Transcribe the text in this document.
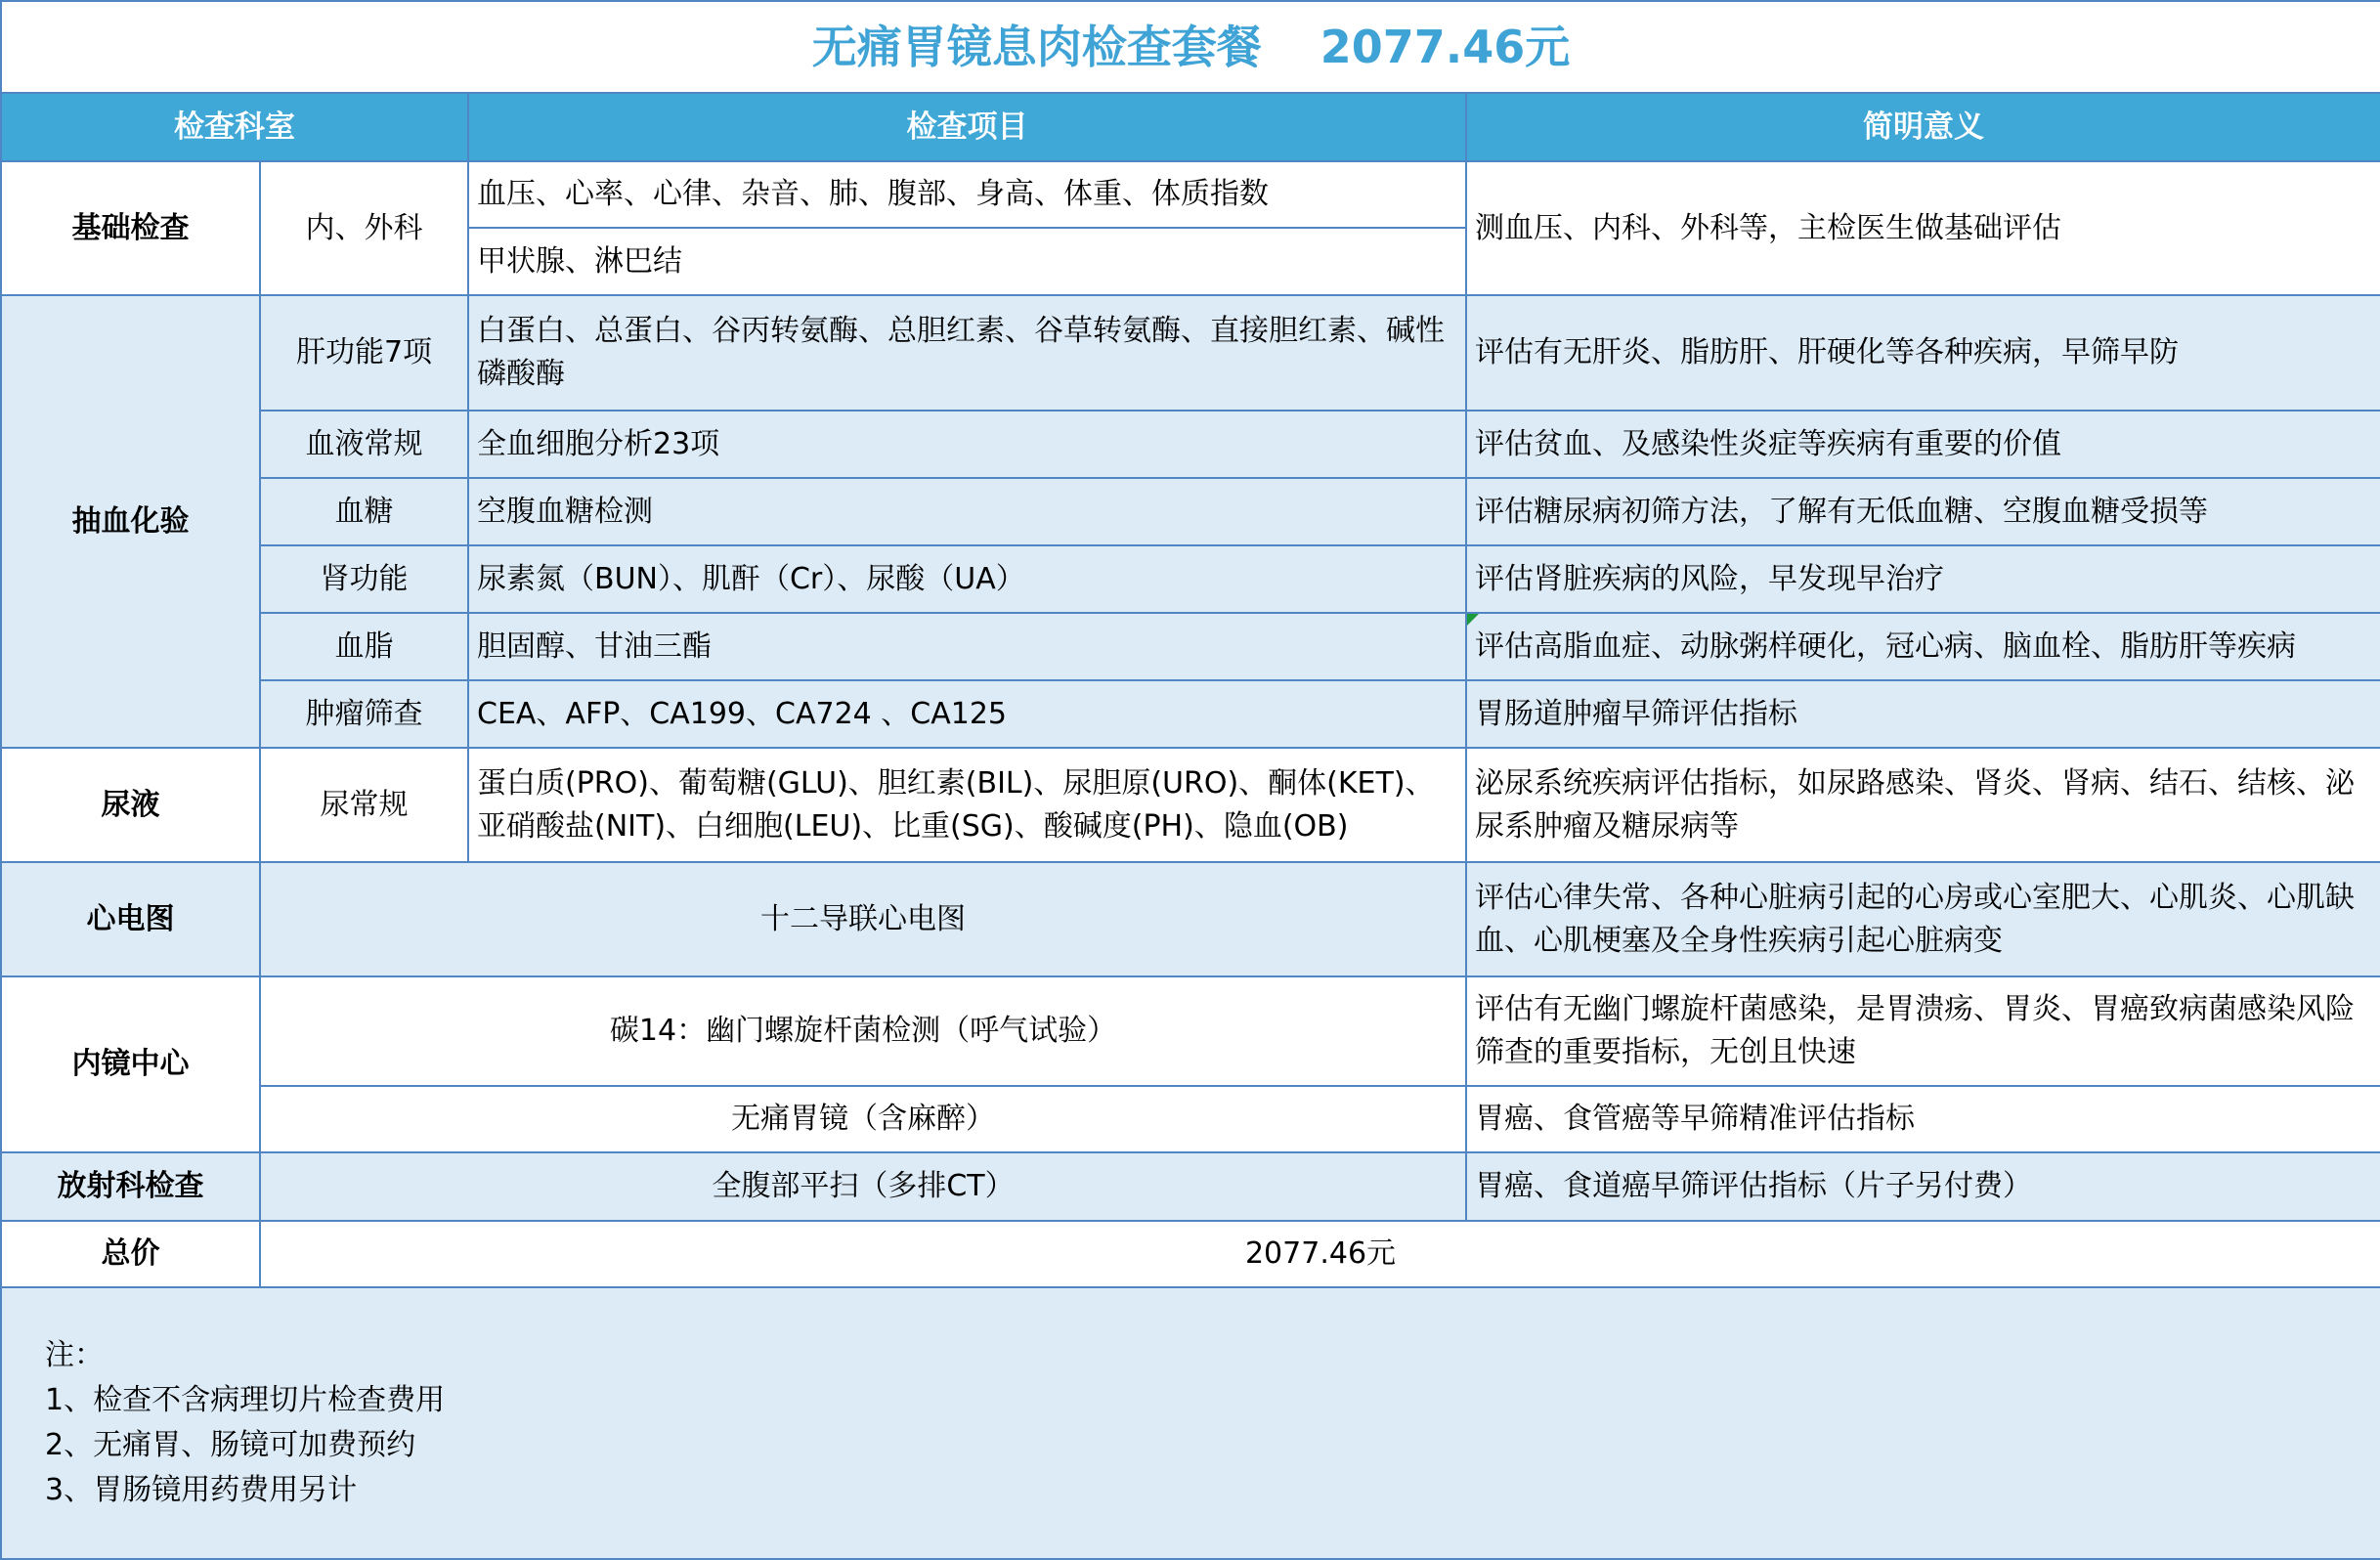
无痛胃镜息肉检查套餐 2077.46元			
检查科室		检查项目	简明意义
基础检查	内、外科	血压、心率、心律、杂音、肺、腹部、身高、体重、体质指数	测血压、内科、外科等，主检医生做基础评估
		甲状腺、淋巴结	
抽血化验	肝功能7项	白蛋白、总蛋白、谷丙转氨酶、总胆红素、谷草转氨酶、直接胆红素、碱性磷酸酶	评估有无肝炎、脂肪肝、肝硬化等各种疾病，早筛早防
	血液常规	全血细胞分析23项	评估贫血、及感染性炎症等疾病有重要的价值
	血糖	空腹血糖检测	评估糖尿病初筛方法，了解有无低血糖、空腹血糖受损等
	肾功能	尿素氮（BUN）、肌酐（Cr）、尿酸（UA）	评估肾脏疾病的风险，早发现早治疗
	血脂	胆固醇、甘油三酯	评估高脂血症、动脉粥样硬化，冠心病、脑血栓、脂肪肝等疾病
	肿瘤筛查	CEA、AFP、CA199、CA724 、CA125	胃肠道肿瘤早筛评估指标
尿液	尿常规	蛋白质(PRO)、葡萄糖(GLU)、胆红素(BIL)、尿胆原(URO)、酮体(KET)、亚硝酸盐(NIT)、白细胞(LEU)、比重(SG)、酸碱度(PH)、隐血(OB)	泌尿系统疾病评估指标，如尿路感染、肾炎、肾病、结石、结核、泌尿系肿瘤及糖尿病等
心电图	十二导联心电图		评估心律失常、各种心脏病引起的心房或心室肥大、心肌炎、心肌缺血、心肌梗塞及全身性疾病引起心脏病变
内镜中心	碳14：幽门螺旋杆菌检测（呼气试验）		评估有无幽门螺旋杆菌感染，是胃溃疡、胃炎、胃癌致病菌感染风险筛查的重要指标，无创且快速
	无痛胃镜（含麻醉）		胃癌、食管癌等早筛精准评估指标
放射科检查	全腹部平扫（多排CT）		胃癌、食道癌早筛评估指标（片子另付费）
总价	2077.46元		

注：
1、检查不含病理切片检查费用
2、无痛胃、肠镜可加费预约
3、胃肠镜用药费用另计			
